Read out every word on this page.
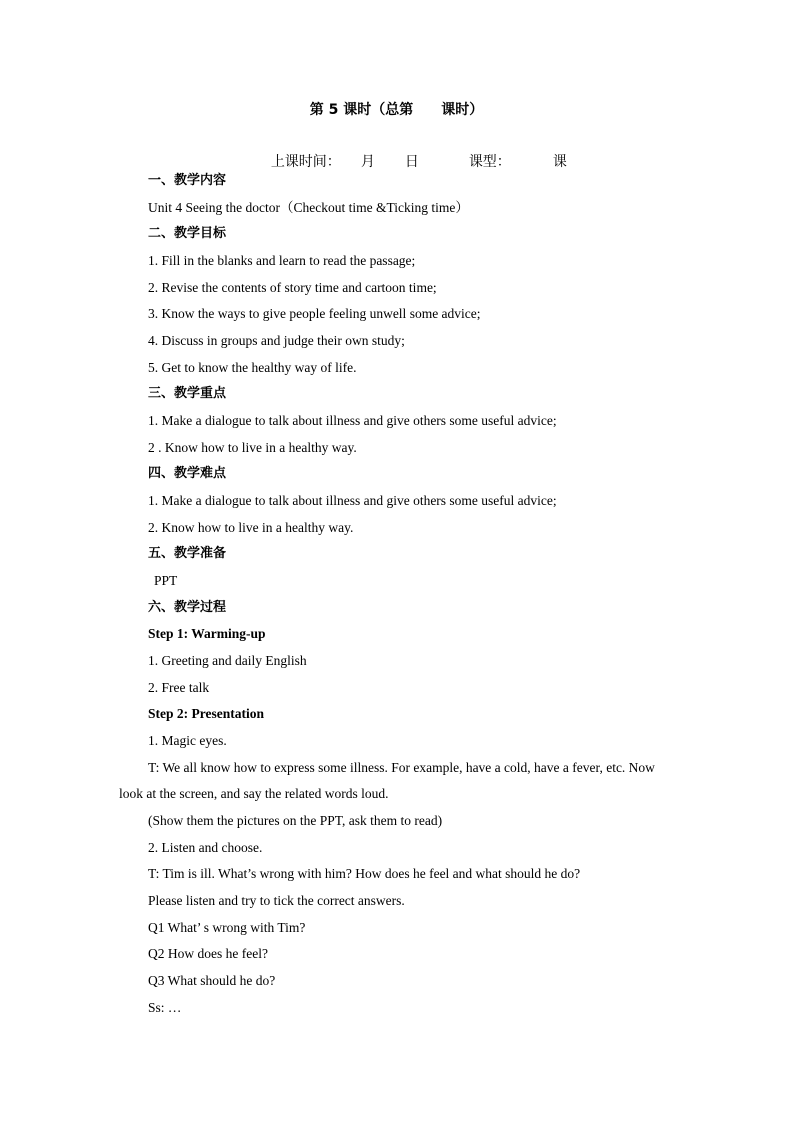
第 5 课时（总第　　课时）

上课时间： 月 日	课型：	课

一、教学内容
Unit 4 Seeing the doctor（Checkout time &Ticking time）
二、教学目标
1. Fill in the blanks and learn to read the passage;
2. Revise the contents of story time and cartoon time;
3. Know the ways to give people feeling unwell some advice;
4. Discuss in groups and judge their own study;
5. Get to know the healthy way of life.
三、教学重点
1. Make a dialogue to talk about illness and give others some useful advice;
2 . Know how to live in a healthy way.
四、教学难点
1. Make a dialogue to talk about illness and give others some useful advice;
2. Know how to live in a healthy way.
五、教学准备
PPT
六、教学过程
Step 1: Warming-up
1. Greeting and daily English
2. Free talk
Step 2: Presentation
1. Magic eyes.
T: We all know how to express some illness. For example, have a cold, have a fever, etc. Now
look at the screen, and say the related words loud.
(Show them the pictures on the PPT, ask them to read)
2. Listen and choose.
T: Tim is ill. What’s wrong with him? How does he feel and what should he do?
Please listen and try to tick the correct answers.
Q1 What’ s wrong with Tim?
Q2 How does he feel?
Q3 What should he do?
Ss: …
